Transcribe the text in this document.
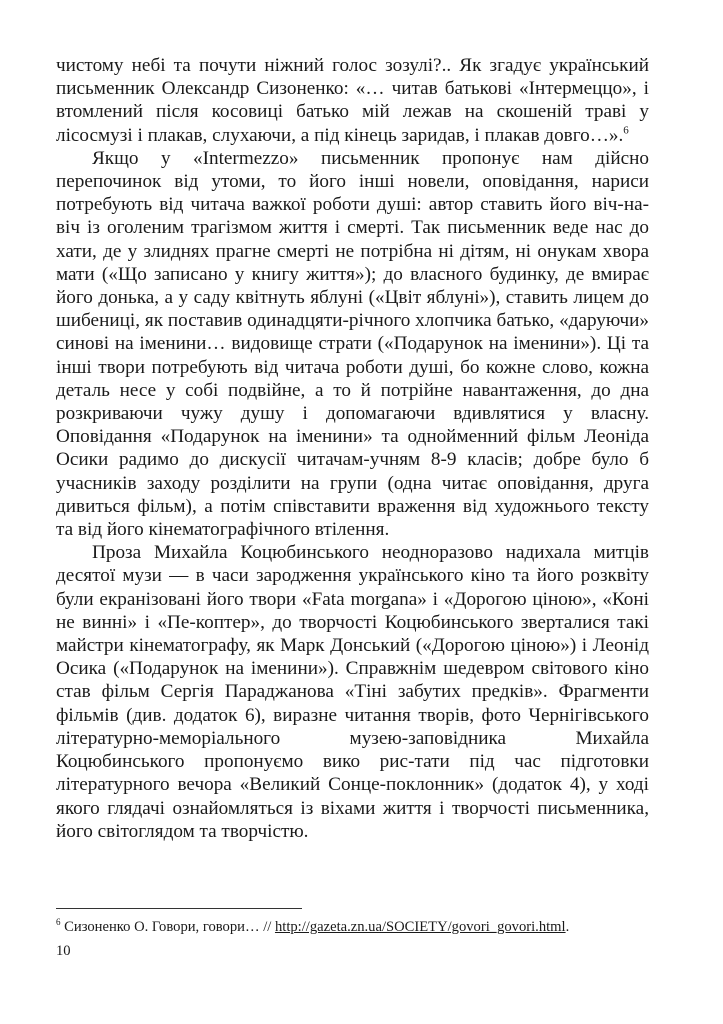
чистому небі та почути ніжний голос зозулі?.. Як згадує український письменник Олександр Сизоненко: «… читав батькові «Інтермеццо», і втомлений після косовиці батько мій лежав на скошеній траві у лісосмузі і плакав, слухаючи, а під кінець заридав, і плакав довго…».$^6$

Якщо у «Intermezzo» письменник пропонує нам дійсно перепочинок від утоми, то його інші новели, оповідання, нариси потребують від читача важкої роботи душі: автор ставить його віч-на-віч із оголеним трагізмом життя і смерті. Так письменник веде нас до хати, де у злиднях прагне смерті не потрібна ні дітям, ні онукам хвора мати («Що записано у книгу життя»); до власного будинку, де вмирає його донька, а у саду квітнуть яблуні («Цвіт яблуні»), ставить лицем до шибениці, як поставив одинадцяти-річного хлопчика батько, «даруючи» синові на іменини… видовище страти («Подарунок на іменини»). Ці та інші твори потребують від читача роботи душі, бо кожне слово, кожна деталь несе у собі подвійне, а то й потрійне навантаження, до дна розкриваючи чужу душу і допомагаючи вдивлятися у власну. Оповідання «Подарунок на іменини» та однойменний фільм Леоніда Осики радимо до дискусії читачам-учням 8-9 класів; добре було б учасників заходу розділити на групи (одна читає оповідання, друга дивиться фільм), а потім співставити враження від художнього тексту та від його кінематографічного втілення.

Проза Михайла Коцюбинського неодноразово надихала митців десятої музи — в часи зародження українського кіно та його розквіту були екранізовані його твори «Fata morgana» і «Дорогою ціною», «Коні не винні» і «Пе-коптер», до творчості Коцюбинського зверталися такі майстри кінематографу, як Марк Донський («Дорогою ціною») і Леонід Осика («Подарунок на іменини»). Справжнім шедевром світового кіно став фільм Сергія Параджанова «Тіні забутих предків». Фрагменти фільмів (див. додаток 6), виразне читання творів, фото Чернігівського літературно-меморіального музею-заповідника Михайла Коцюбинського пропонуємо вико рис-тати під час підготовки літературного вечора «Великий Сонце-поклонник» (додаток 4), у ході якого глядачі ознайомляться із віхами життя і творчості письменника, його світоглядом та творчістю.

$^6$ Сизоненко О. Говори, говори… // http://gazeta.zn.ua/SOCIETY/govori_govori.html.
10
